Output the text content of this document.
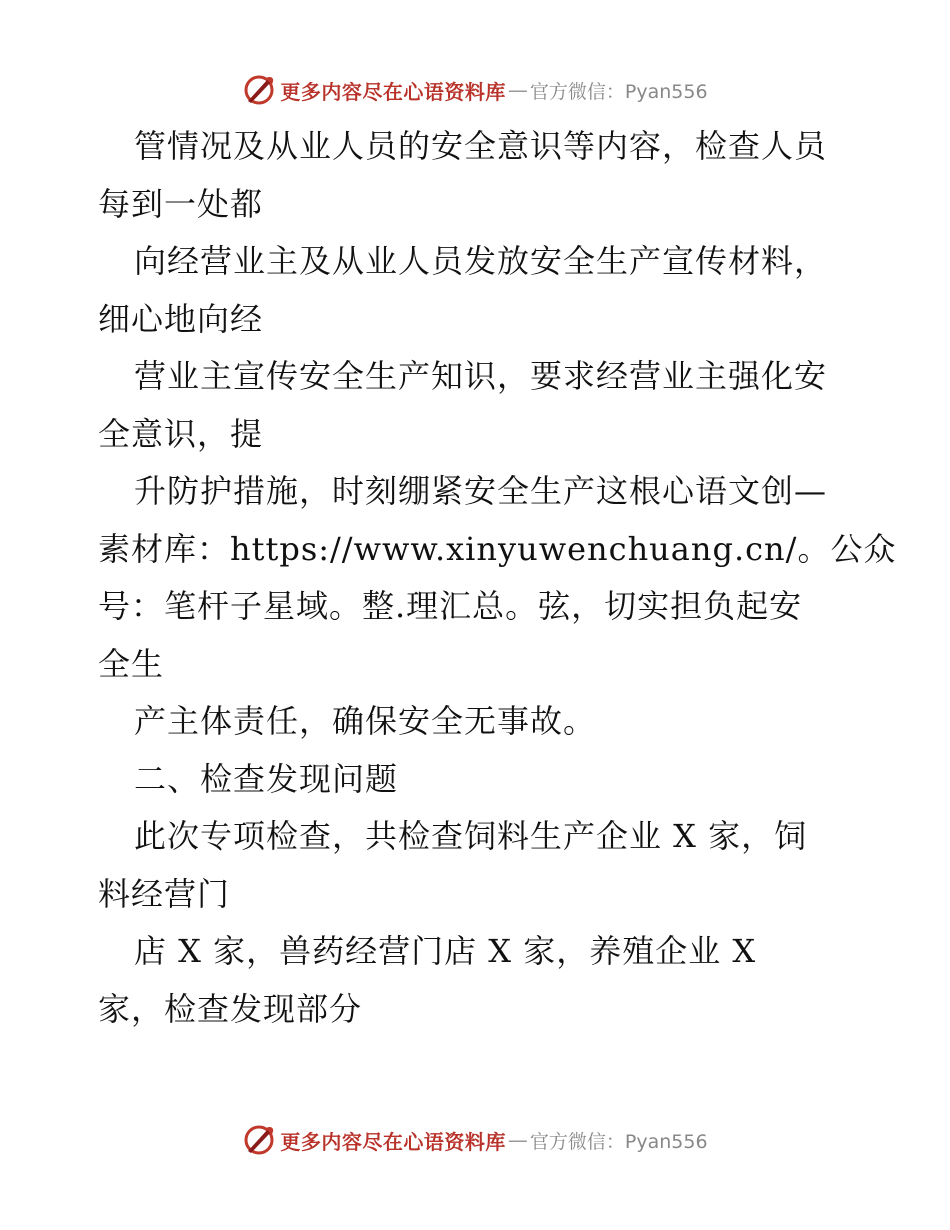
更多内容尽在心语资料库 — 官方微信：Pyan556
管情况及从业人员的安全意识等内容，检查人员
每到一处都
向经营业主及从业人员发放安全生产宣传材料，
细心地向经
营业主宣传安全生产知识，要求经营业主强化安
全意识，提
升防护措施，时刻绷紧安全生产这根心语文创—
素材库：https://www.xinyuwenchuang.cn/。公众
号：笔杆子星域。整.理汇总。弦，切实担负起安
全生
产主体责任，确保安全无事故。
二、检查发现问题
此次专项检查，共检查饲料生产企业 X 家，饲
料经营门
店 X 家，兽药经营门店 X 家，养殖企业 X
家，检查发现部分
更多内容尽在心语资料库 — 官方微信：Pyan556
